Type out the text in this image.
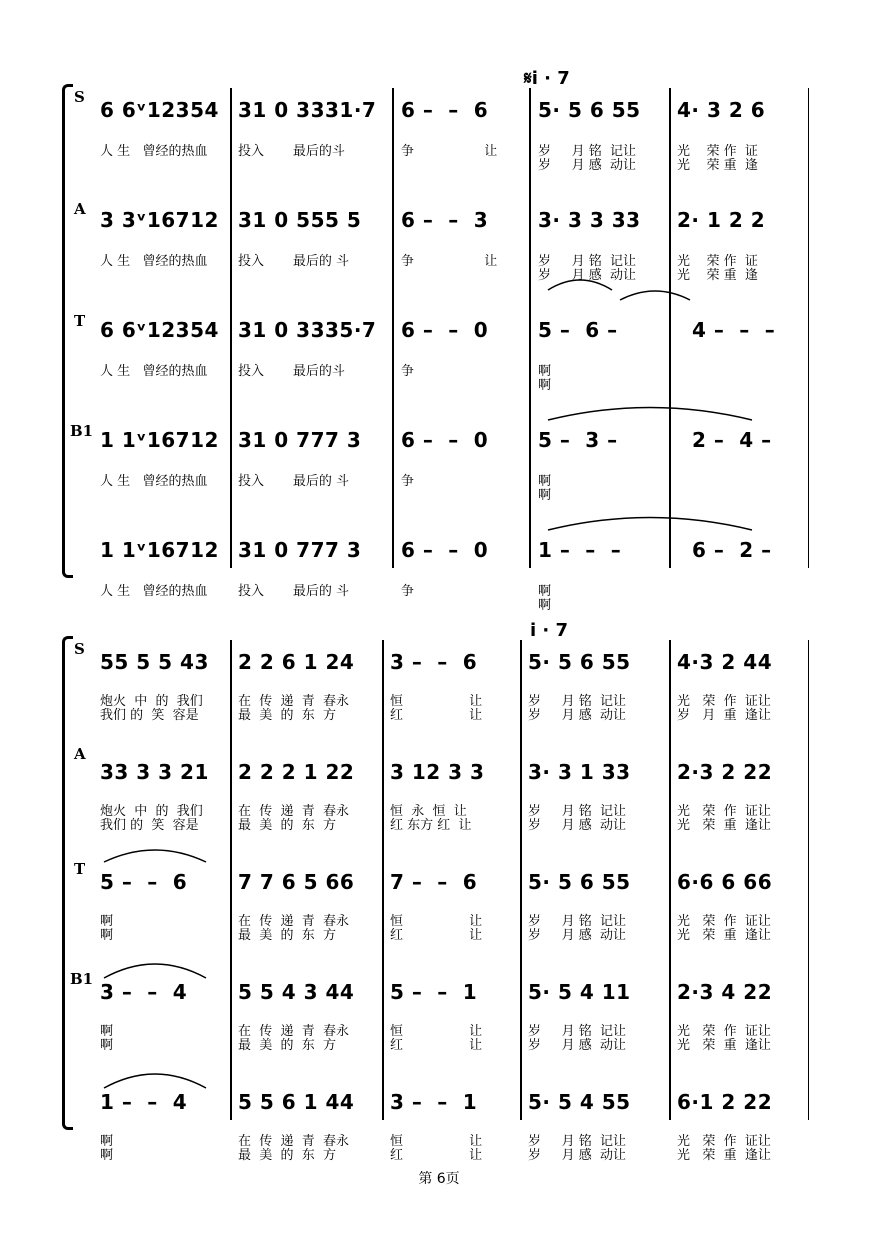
𝄋i · 7
S
6 6ᵛ12354 31 0 3331·7 6 –  –  6 5· 5 6 55 4· 3 2 6
人 生   曾经的热血 投入       最后的斗	争                 让	岁     月 铭  记让
岁     月 感  动让
光    荣 作  证
光    荣 重  逢
A 3 3ᵛ16712 31 0 555 5 6 –  –  3 3· 3 3 33 2· 1 2 2
人 生   曾经的热血 投入       最后的 斗	争                 让	岁     月 铭  记让
岁     月 感  动让
光    荣 作  证
光    荣 重  逢
T 6 6ᵛ12354 31 0 3335·7 6 –  –  0 5 –  6 –	4 –  –  –
人 生   曾经的热血 投入       最后的斗	争	啊
啊
B1 1 1ᵛ16712 31 0 777 3 6 –  –  0 5 –  3 –	2 –  4 –
人 生   曾经的热血 投入       最后的 斗	争	啊
啊
1 1ᵛ16712 31 0 777 3 6 –  –  0 1 –  –  –	6 –  2 –
人 生   曾经的热血 投入       最后的 斗	争	啊
啊
i · 7
S
55 5 5 43 2 2 6 1 24 3 –  –  6	5· 5 6 55 4·3 2 44
炮火  中  的  我们
我们 的  笑  容是
在  传  递  青  春永
最  美  的  东  方
恒                让
红                让
岁     月 铭  记让
岁     月 感  动让
光   荣  作  证让
岁   月  重  逢让
A
33 3 3 21 2 2 2 1 22 3 12 3 3 3· 3 1 33 2·3 2 22
炮火  中  的  我们
我们 的  笑  容是
在  传  递  青  春永
最  美  的  东  方
恒  永  恒  让
红 东方 红  让
岁     月 铭  记让
岁     月 感  动让
光   荣  作  证让
光   荣  重  逢让
T
5 –  –  6	7 7 6 5 66 7 –  –  6	5· 5 6 55 6·6 6 66
啊
啊
在  传  递  青  春永
最  美  的  东  方
恒                让
红                让
岁     月 铭  记让
岁     月 感  动让
光   荣  作  证让
光   荣  重  逢让
B1
3 –  –  4	5 5 4 3 44 5 –  –  1	5· 5 4 11 2·3 4 22
啊
啊
在  传  递  青  春永
最  美  的  东  方
恒                让
红                让
岁     月 铭  记让
岁     月 感  动让
光   荣  作  证让
光   荣  重  逢让
1 –  –  4	5 5 6 1 44 3 –  –  1	5· 5 4 55 6·1 2 22
啊
啊
在  传  递  青  春永
最  美  的  东  方
恒                让
红                让
岁     月 铭  记让
岁     月 感  动让
光   荣  作  证让
光   荣  重  逢让
第 6页
